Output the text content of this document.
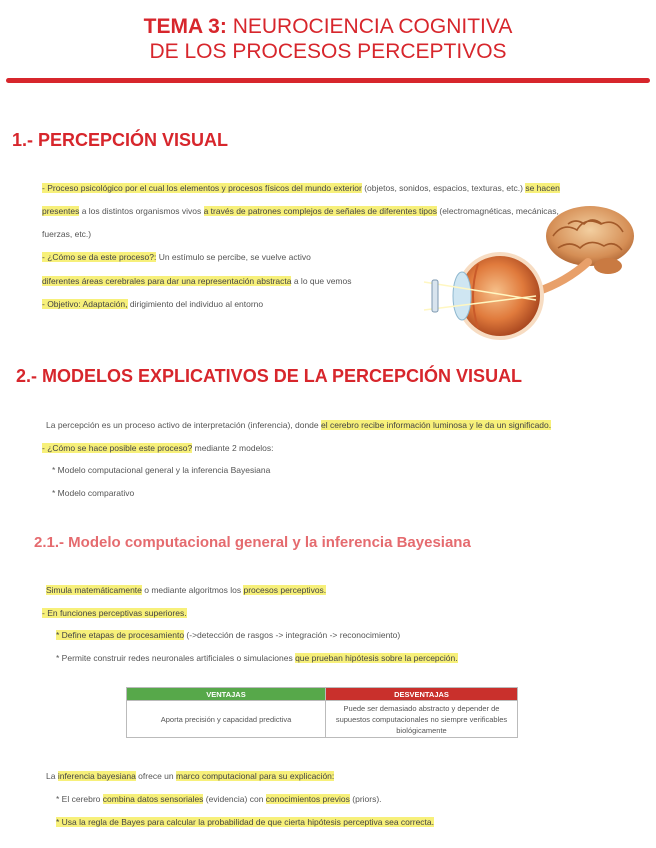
TEMA 3: NEUROCIENCIA COGNITIVA
DE LOS PROCESOS PERCEPTIVOS
1.- PERCEPCIÓN VISUAL
- Proceso psicológico por el cual los elementos y procesos físicos del mundo exterior (objetos, sonidos, espacios, texturas, etc.) se hacen
presentes a los distintos organismos vivos a través de patrones complejos de señales de diferentes tipos (electromagnéticas, mecánicas,
fuerzas, etc.)
- ¿Cómo se da este proceso?: Un estímulo se percibe, se vuelve activo
diferentes áreas cerebrales para dar una representación abstracta a lo que vemos
- Objetivo: Adaptación, dirigimiento del individuo al entorno
2.- MODELOS EXPLICATIVOS DE LA PERCEPCIÓN VISUAL
La percepción es un proceso activo de interpretación (inferencia), donde el cerebro recibe información luminosa y le da un significado.
- ¿Cómo se hace posible este proceso? mediante 2 modelos:
* Modelo computacional general y la inferencia Bayesiana
* Modelo comparativo
2.1.- Modelo computacional general y la inferencia Bayesiana
Simula matemáticamente o mediante algoritmos los procesos perceptivos.
- En funciones perceptivas superiores.
* Define etapas de procesamiento (->detección de rasgos -> integración -> reconocimiento)
* Permite construir redes neuronales artificiales o simulaciones que prueban hipótesis sobre la percepción.
VENTAJAS	DESVENTAJAS
Aporta precisión y capacidad predictiva	Puede ser demasiado abstracto y depender de supuestos computacionales no siempre verificables biológicamente
La inferencia bayesiana ofrece un marco computacional para su explicación:
* El cerebro combina datos sensoriales (evidencia) con conocimientos previos (priors).
* Usa la regla de Bayes para calcular la probabilidad de que cierta hipótesis perceptiva sea correcta.
